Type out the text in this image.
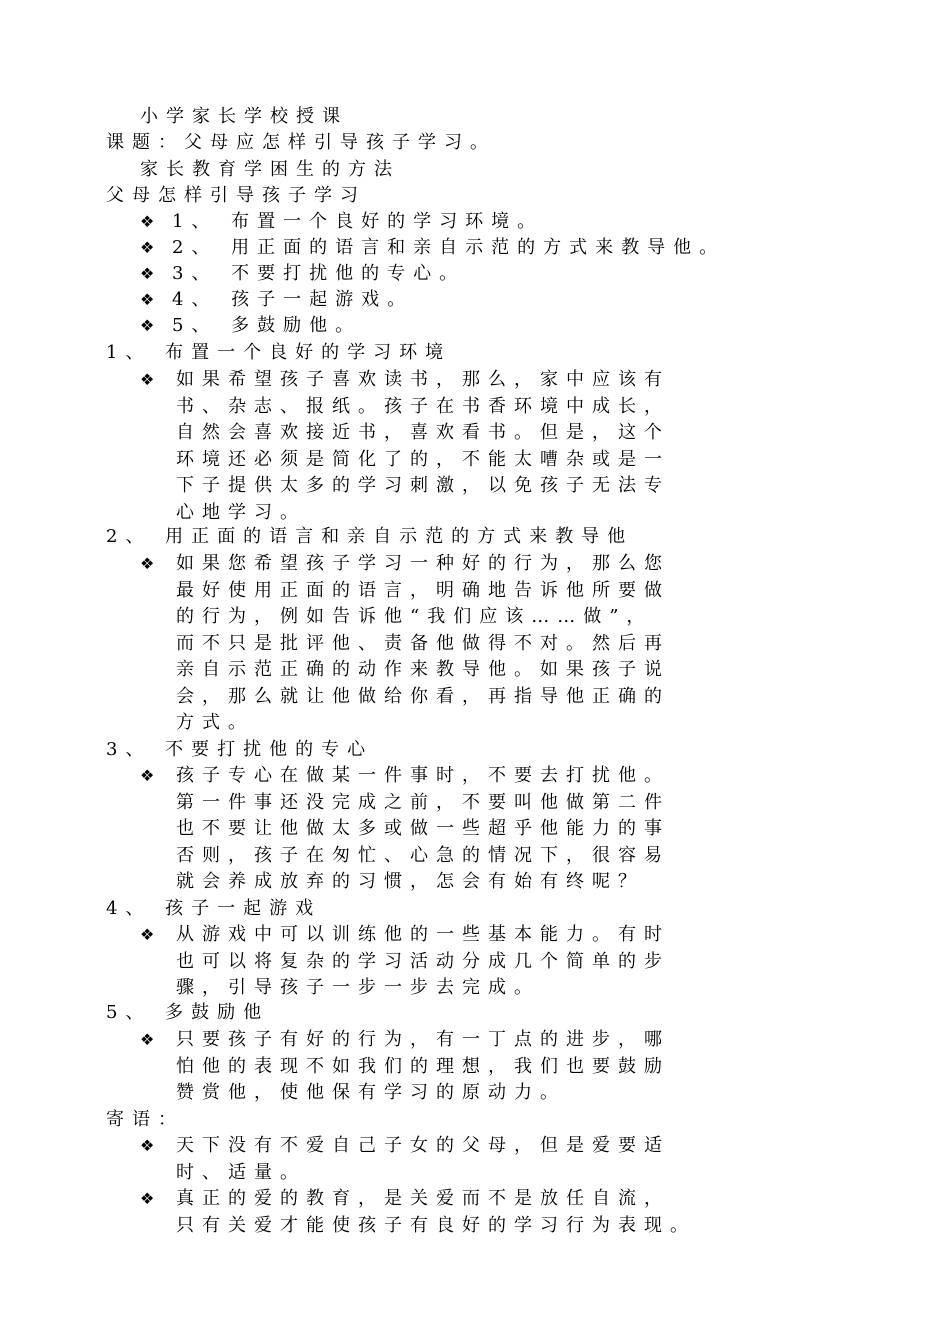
小学家长学校授课
课题：父母应怎样引导孩子学习。
家长教育学困生的方法
父母怎样引导孩子学习
❖ 1、 布置一个良好的学习环境。
❖ 2、 用正面的语言和亲自示范的方式来教导他。
❖ 3、 不要打扰他的专心。
❖ 4、 孩子一起游戏。
❖ 5、 多鼓励他。
1、 布置一个良好的学习环境
❖ 如果希望孩子喜欢读书，那么，家中应该有
书、杂志、报纸。孩子在书香环境中成长，
自然会喜欢接近书，喜欢看书。但是，这个
环境还必须是简化了的，不能太嘈杂或是一
下子提供太多的学习刺激，以免孩子无法专
心地学习。
2、 用正面的语言和亲自示范的方式来教导他
❖ 如果您希望孩子学习一种好的行为，那么您
最好使用正面的语言，明确地告诉他所要做
的行为，例如告诉他“我们应该……做”，
而不只是批评他、责备他做得不对。然后再
亲自示范正确的动作来教导他。如果孩子说
会，那么就让他做给你看，再指导他正确的
方式。
3、 不要打扰他的专心
❖ 孩子专心在做某一件事时，不要去打扰他。
第一件事还没完成之前，不要叫他做第二件
也不要让他做太多或做一些超乎他能力的事
否则，孩子在匆忙、心急的情况下，很容易
就会养成放弃的习惯，怎会有始有终呢？
4、 孩子一起游戏
❖ 从游戏中可以训练他的一些基本能力。有时
也可以将复杂的学习活动分成几个简单的步
骤，引导孩子一步一步去完成。
5、 多鼓励他
❖ 只要孩子有好的行为，有一丁点的进步，哪
怕他的表现不如我们的理想，我们也要鼓励
赞赏他，使他保有学习的原动力。
寄语：
❖ 天下没有不爱自己子女的父母，但是爱要适
时、适量。
❖ 真正的爱的教育，是关爱而不是放任自流，
只有关爱才能使孩子有良好的学习行为表现。
